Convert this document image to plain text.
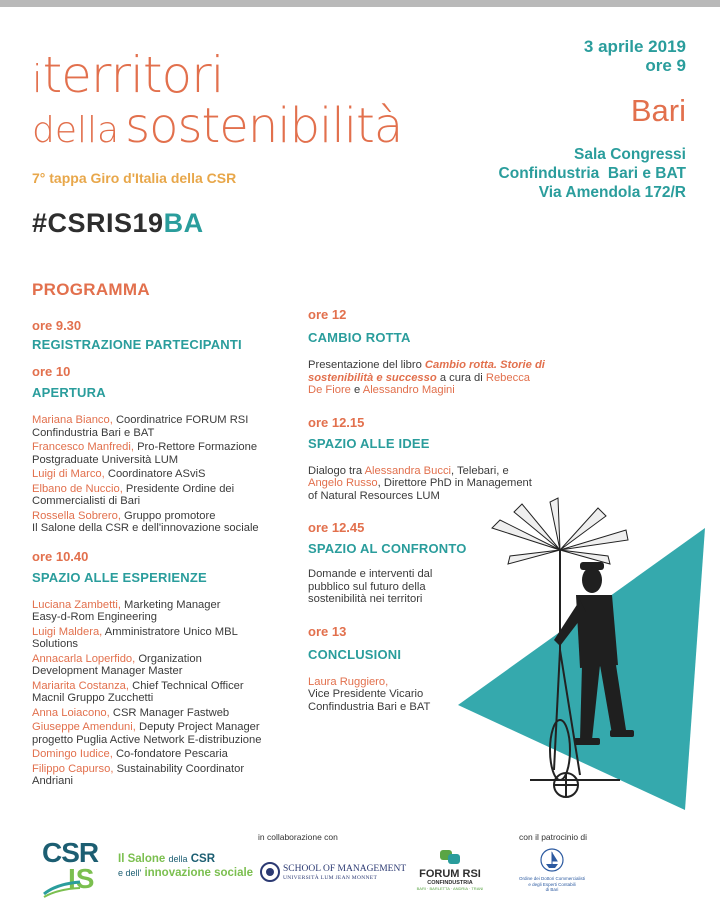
iterritori
della sostenibilità
7° tappa Giro d'Italia della CSR
#CSRIS19BA
3 aprile 2019
ore 9
Bari
Sala Congressi
Confindustria  Bari e BAT
Via Amendola 172/R
PROGRAMMA
ore 9.30
REGISTRAZIONE PARTECIPANTI
ore 10
APERTURA
Mariana Bianco, Coordinatrice FORUM RSI
Confindustria Bari e BAT
Francesco Manfredi, Pro-Rettore Formazione
Postgraduate Università LUM
Luigi di Marco, Coordinatore ASviS
Elbano de Nuccio, Presidente Ordine dei
Commercialisti di Bari
Rossella Sobrero, Gruppo promotore
Il Salone della CSR e dell'innovazione sociale
ore 10.40
SPAZIO ALLE ESPERIENZE
Luciana Zambetti, Marketing Manager
Easy-d-Rom Engineering
Luigi Maldera, Amministratore Unico MBL
Solutions
Annacarla Loperfido, Organization
Development Manager Master
Mariarita Costanza, Chief Technical Officer
Macnil Gruppo Zucchetti
Anna Loiacono, CSR Manager Fastweb
Giuseppe Amenduni, Deputy Project Manager
progetto Puglia Active Network E-distribuzione
Domingo Iudice, Co-fondatore Pescaria
Filippo Capurso, Sustainability Coordinator
Andriani
ore 12
CAMBIO ROTTA
Presentazione del libro Cambio rotta. Storie di
sostenibilità e successo a cura di Rebecca
De Fiore e Alessandro Magini
ore 12.15
SPAZIO ALLE IDEE
Dialogo tra Alessandra Bucci, Telebari, e
Angelo Russo, Direttore PhD in Management
of Natural Resources LUM
ore 12.45
SPAZIO AL CONFRONTO
Domande e interventi dal
pubblico sul futuro della
sostenibilità nei territori
ore 13
CONCLUSIONI
Laura Ruggiero,
Vice Presidente Vicario
Confindustria Bari e BAT
in collaborazione con	con il patrocinio di
CSR
IS
Il Salone della CSR
e dell' innovazione sociale	SCHOOL OF MANAGEMENT
UNIVERSITÀ LUM JEAN MONNET	FORUM RSI
CONFINDUSTRIA
BARI · BARLETTA · ANDRIA · TRANI
Ordine dei Dottori Commercialisti
e degli Esperti Contabili
di Bari
